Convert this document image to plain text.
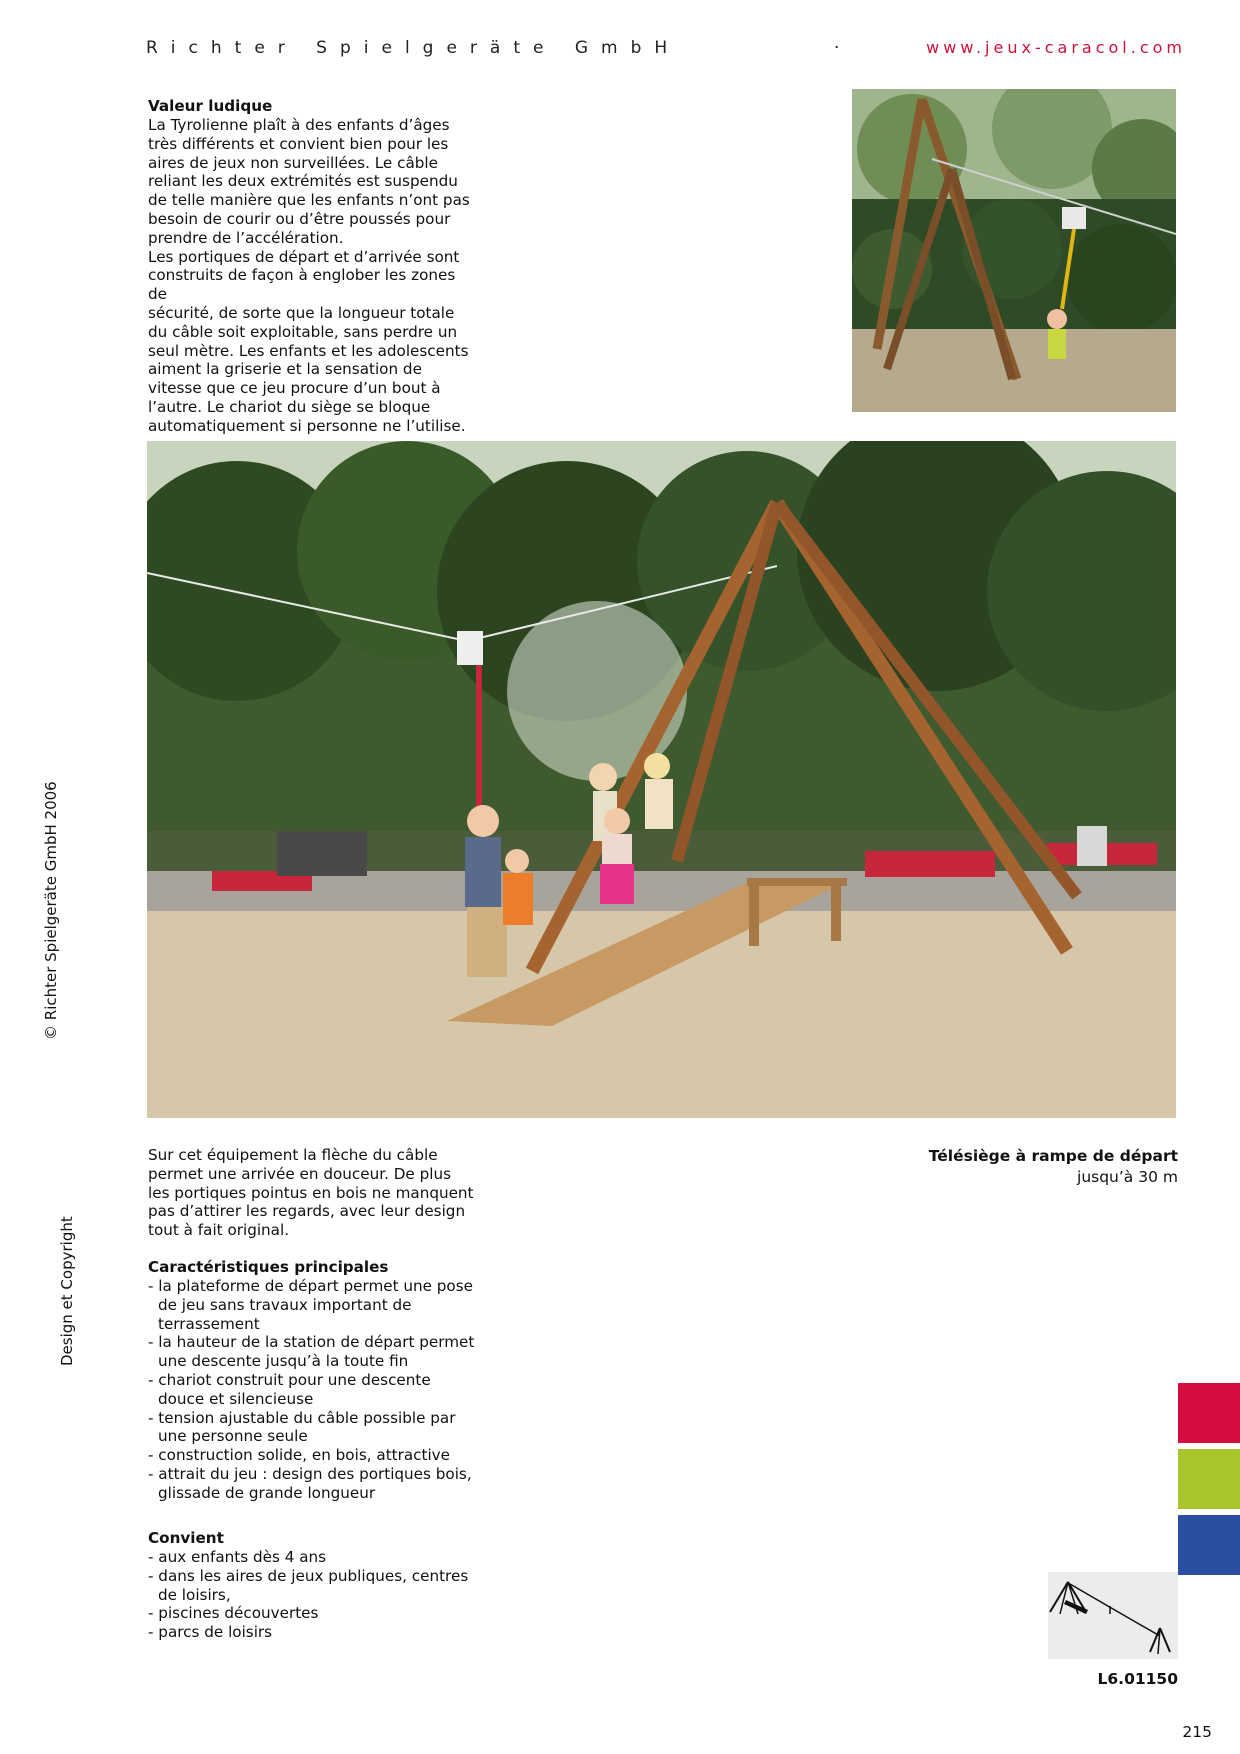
Richter Spielgeräte GmbH	·	www.jeux-caracol.com
Valeur ludique

La Tyrolienne plaît à des enfants d’âges

très différents et convient bien pour les

aires de jeux non surveillées. Le câble

reliant les deux extrémités est suspendu

de telle manière que les enfants n’ont pas

besoin de courir ou d’être poussés pour

prendre de l’accélération.

Les portiques de départ et d’arrivée sont

construits de façon à englober les zones de

sécurité, de sorte que la longueur totale

du câble soit exploitable, sans perdre un

seul mètre. Les enfants et les adolescents

aiment la griserie et la sensation de

vitesse que ce jeu procure d’un bout à

l’autre. Le chariot du siège se bloque

automatiquement si personne ne l’utilise.

Sur cet équipement la flèche du câble

permet une arrivée en douceur. De plus

les portiques pointus en bois ne manquent

pas d’attirer les regards, avec leur design

tout à fait original.

Caractéristiques principales
- la plateforme de départ permet une pose de jeu sans travaux important de terrassement
- la hauteur de la station de départ permet une descente jusqu’à la toute fin
- chariot construit pour une descente douce et silencieuse
- tension ajustable du câble possible par une personne seule
- construction solide, en bois, attractive
- attrait du jeu : design des portiques bois, glissade de grande longueur
Convient
- aux enfants dès 4 ans
- dans les aires de jeux publiques, centres de loisirs,
- piscines découvertes
- parcs de loisirs
Télésiège à rampe de départ
jusqu’à 30 m
© Richter Spielgeräte GmbH 2006
Design et Copyright
L6.01150
215
